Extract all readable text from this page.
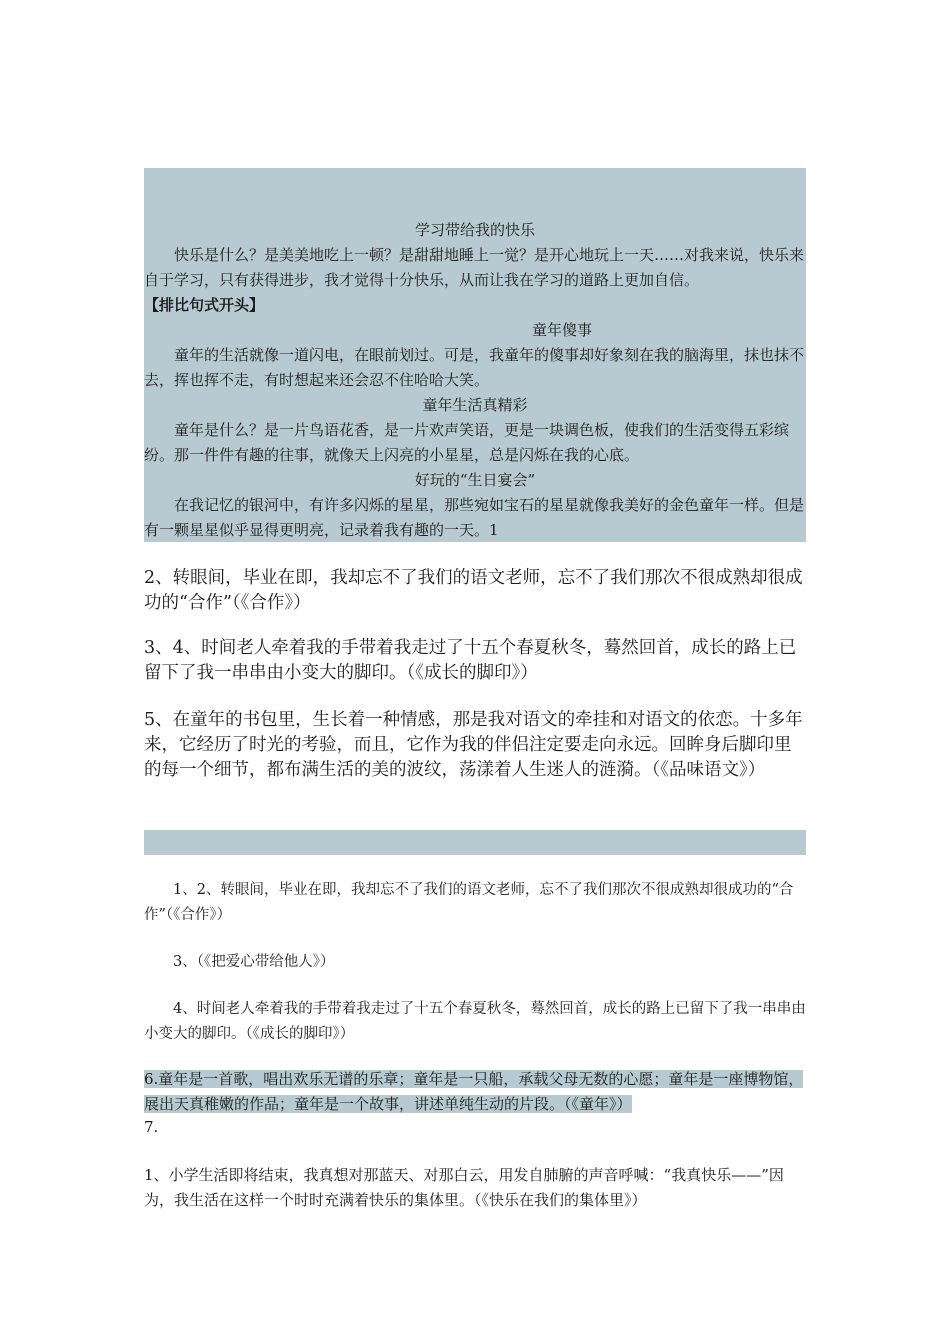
学习带给我的快乐

快乐是什么？是美美地吃上一顿？是甜甜地睡上一觉？是开心地玩上一天……对我来说，快乐来自于学习，只有获得进步，我才觉得十分快乐，从而让我在学习的道路上更加自信。

【排比句式开头】

童年傻事

童年的生活就像一道闪电，在眼前划过。可是，我童年的傻事却好象刻在我的脑海里，抹也抹不去，挥也挥不走，有时想起来还会忍不住哈哈大笑。

童年生活真精彩

童年是什么？是一片鸟语花香，是一片欢声笑语，更是一块调色板，使我们的生活变得五彩缤纷。那一件件有趣的往事，就像天上闪亮的小星星，总是闪烁在我的心底。

好玩的“生日宴会”

在我记忆的银河中，有许多闪烁的星星，那些宛如宝石的星星就像我美好的金色童年一样。但是有一颗星星似乎显得更明亮，记录着我有趣的一天。1

2、转眼间，毕业在即，我却忘不了我们的语文老师，忘不了我们那次不很成熟却很成功的“合作”（《合作》）

3、4、时间老人牵着我的手带着我走过了十五个春夏秋冬，蓦然回首，成长的路上已留下了我一串串由小变大的脚印。（《成长的脚印》）

5、在童年的书包里，生长着一种情感，那是我对语文的牵挂和对语文的依恋。十多年来，它经历了时光的考验，而且，它作为我的伴侣注定要走向永远。回眸身后脚印里的每一个细节，都布满生活的美的波纹，荡漾着人生迷人的涟漪。（《品味语文》）

1、2、转眼间，毕业在即，我却忘不了我们的语文老师，忘不了我们那次不很成熟却很成功的“合作”（《合作》）

3、（《把爱心带给他人》）

4、时间老人牵着我的手带着我走过了十五个春夏秋冬，蓦然回首，成长的路上已留下了我一串串由小变大的脚印。（《成长的脚印》）

6.童年是一首歌，唱出欢乐无谱的乐章；童年是一只船，承载父母无数的心愿；童年是一座博物馆，展出天真稚嫩的作品；童年是一个故事，讲述单纯生动的片段。（《童年》）

7.

1、小学生活即将结束，我真想对那蓝天、对那白云，用发自肺腑的声音呼喊：“我真快乐——”因为，我生活在这样一个时时充满着快乐的集体里。（《快乐在我们的集体里》）
